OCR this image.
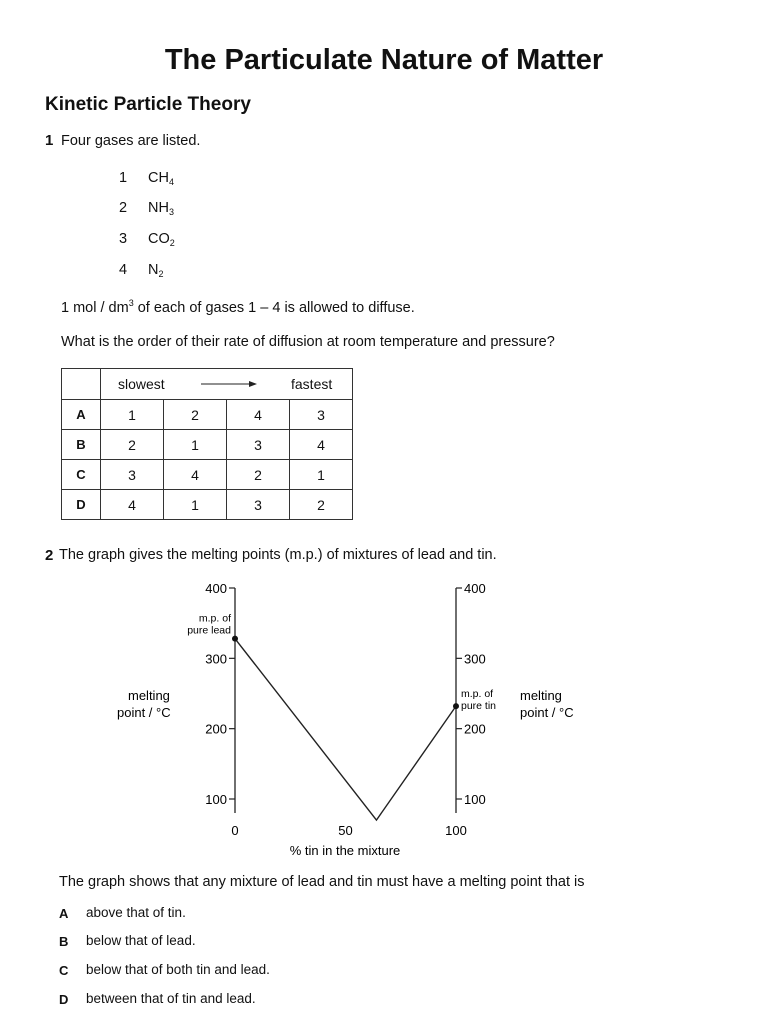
The Particulate Nature of Matter
Kinetic Particle Theory
1 Four gases are listed.
1 $CH_4$
2 $NH_3$
3 $CO_2$
4 $N_2$
1 mol / $dm^3$ of each of gases 1 – 4 is allowed to diffuse.
What is the order of their rate of diffusion at room temperature and pressure?

	slowest fastest			

A	1	2	4	3
B	2	1	3	4
C	3	4	2	1
D	4	1	3	2
2 The graph gives the melting points (m.p.) of mixtures of lead and tin.
melting
point / °C
melting
point / °C
% tin in the mixture
100	100
200	200
300	300
400	400
0	50	100
m.p. of
pure lead
m.p. of
pure tin
The graph shows that any mixture of lead and tin must have a melting point that is
A above that of tin.
B below that of lead.
C below that of both tin and lead.
D between that of tin and lead.
